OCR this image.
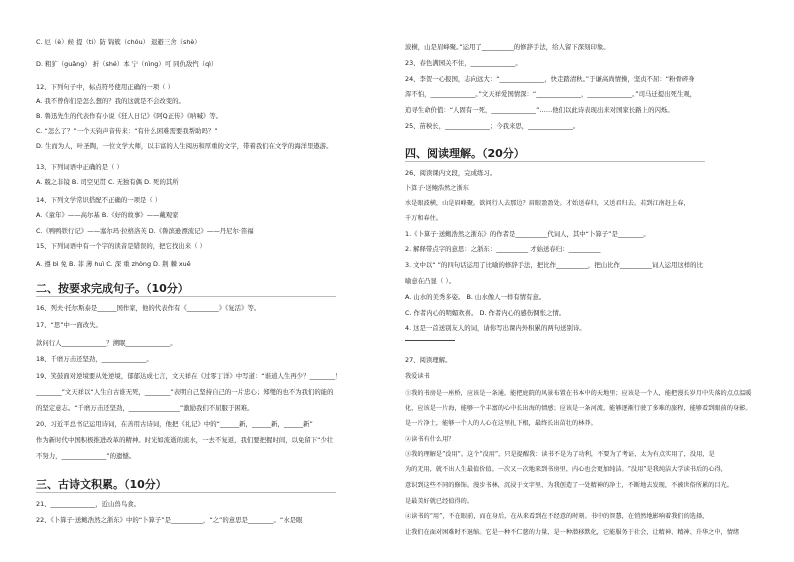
C. 厄（è）候 提（ti）防 锦簇（chóu） 退避三舍（shè）
D. 粗犷（guǎng） 折（shé）本 宁（nìng）可 同仇敌忾（qì）
12、下列句子中，标点符号使用正确的一项（ ）
A. 我不曾你们是怎么想的？我的这就是不会改变的。
B. 鲁迅先生的代表作有小说《狂人日记》《阿Q正传》《呐喊》等。
C. “怎么了？”一个天钧声音传来：“有什么困难需要我帮助吗？”
D. 生而为人，叶圣陶，一位文学大师，以丰富的人生阅历和厚重的文字，带着我们在文学的海洋里遨游。
13、下列词语中正确的是（ ）
A. 兢之非镜 B. 司空见贯 C. 无独有偶 D. 死的其所
14、下列文学常识搭配不正确的一项是（ ）
A.《童年》——高尔基 B.《好的故事》——戴观家
C.《鸭鸭铁行记》——塞尔玛·拉格洛芙 D.《鲁滨逊漂流记》——丹尼尔·笛福
15、下列词语中有一个字的读音是错误的，把它找出来（ ）
A. 遵 bì 免 B. 菲 薄 huì C. 深 重 zhòng D. 荆 棘 xuē
16、列夫·托尔斯泰是______国作家，他的代表作有《__________》《复活》等。
17、“思”中一面改失。
款问行人______________？溯眠______________。
18、千磨万击还坚劲，______________。
19、笑鼓面对逆境要从处逆境，郁郁达成七言，文天祥在《过零丁洋》中写道：“谁道人生再少？________！
________”文天祥以“人生自古谁无死，________”表明自己坚持自己的一片忠心；郑燮的也不为我们的能的
的坚定意志。“千磨万击还坚劲，________________”激励我们不屈服于困难。
20、习近平总书记运用诗词，在善用古诗词，他把《礼记》中的“______新，______新，______新”
作为新时代中国积极推进改革的精神。时光如流逝的流水，一去不复返，我们要把握时间，以免留下“少壮
不努力，______________”的遗憾。
21、______________，近山兽鸟食。
22、《卜算子·送鲍浩然之浙东》中的“卜算子”是__________，“之”的意思是________。“水是眼
二、按要求完成句子。（10分）
三、古诗文积累。（10分）
波横，山是眉峰聚。”运用了__________的修辞手法，给人留下深刻印象。
23、春色满园关不住，______________。
24、李贺一心报国，志向远大：“______________，快走踏清秋。”于谦高尚情操，坚贞不屈：“粉骨碎身
浑不怕，______________。”文天祥爱国情深：“______________，______________。”司马迁提出死生观，
追寻生命价值：“人固有一死，______________”……他们以此诗表现出来对国家长路上的闪烁。
25、苗秧长，______________；今我来思，______________。
26、阅读课内文段，完成练习。
卜算子·送鲍浩然之浙东
水是眼波横，山是眉峰聚。欲问行人去那边？眉眼盈盈处。才始送春归，又送君归去。若到江南赶上春，
千万和春住。
1.《卜算子·送鲍浩然之浙东》的作者是__________代词人，其中“卜算子”是________。
2. 解释带点字的意思：之浙东：__________ 才始送春归：__________
3. 文中以“ ”的四句话运用了比喻的修辞手法，把比作__________，把山比作__________词人运用这样的比
喻意在凸显（ ）。
A. 山水的美秀多姿。 B. 山水像人一样有情有意。
C. 作者内心的明媚欢喜。 D. 作者内心的感伤惆怅之情。
4. 这是一首送别友人的词，请你写出课内外积累的两句送别诗。
27、阅读理解。
我爱读书
①我的书房是一座桥，应该是一条通，能把庭院的风景布置在书本中的天地里；应该是一个人，能把漫长岁月中失落的点点温暖
化，应该是一片海，能够一个丰富的心中长出海的情感；应该是一条河流，能够逐渐行驶了多难的旅程，能够看到眼前的身影。
是一片净土，能够一个人的人心在这里扎下根，最终长出苗壮的林莽。
②读书有什么用？
③我的理解是“没用”。这个“没用”，只是提醒我：读书不是为了功利，不要为了考证，太为有点实用了，没用，是
为的无用，就不出人生最值价值。一次又一次地来到书房里，内心也会更加纯洁。“没用”是我纯洁大学读书后的心得，
意识到这些不同的修饰。漫步书林，沉浸于文字里，为我创造了一处精神的净土，不断地去发现，不被世俗所累的目光。
是最美好就已经值得的。
④读书的“用”，不在眼前，而在身后，在从来看到在不经意的时刻。书中的智慧，在悄然地影响着我们的选择，
让我们在面对困难时不退缩。它是一种不仁慈的力量，是一种潜移默化，它能服务于社会，让精神、精神、升华之中，情绪
四、阅读理解。（20分）
